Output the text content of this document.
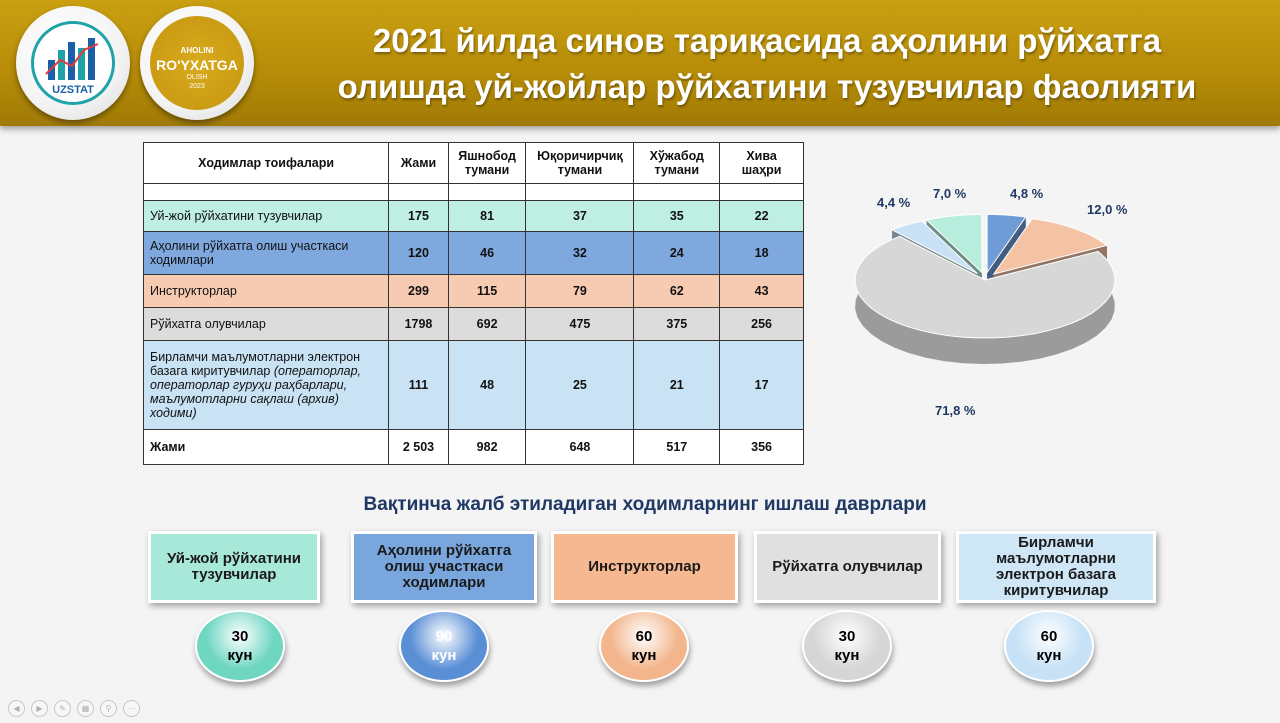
UZSTAT
AHOLINI
RO'YXATGA
OLISH
2023
2021 йилда синов тариқасида аҳолини рўйхатга
олишда уй-жойлар рўйхатини тузувчилар фаолияти
Ходимлар тоифалари	Жами	Яшнобод тумани	Юқоричирчиқ тумани	Хўжабод тумани	Хива шаҳри

Уй-жой рўйхатини тузувчилар	175	81	37	35	22
Аҳолини рўйхатга олиш участкаси ходимлари	120	46	32	24	18
Инструкторлар	299	115	79	62	43
Рўйхатга олувчилар	1798	692	475	375	256
Бирламчи маълумотларни электрон базага киритувчилар (операторлар, операторлар гуруҳи раҳбарлари, маълумотларни сақлаш (архив) ходими)	111	48	25	21	17
Жами	2 503	982	648	517	356
4,8 %
12,0 %
71,8 %
4,4 %
7,0 %
Вақтинча жалб этиладиган ходимларнинг ишлаш даврлари
Уй-жой рўйхатини тузувчилар
Аҳолини рўйхатга олиш участкаси ходимлари
Инструкторлар	Рўйхатга олувчилар
Бирламчи маълумотларни электрон базага киритувчилар
30
кун
90
кун
60
кун
30
кун
60
кун
◀	▶	✎	▦	⚲	⋯
